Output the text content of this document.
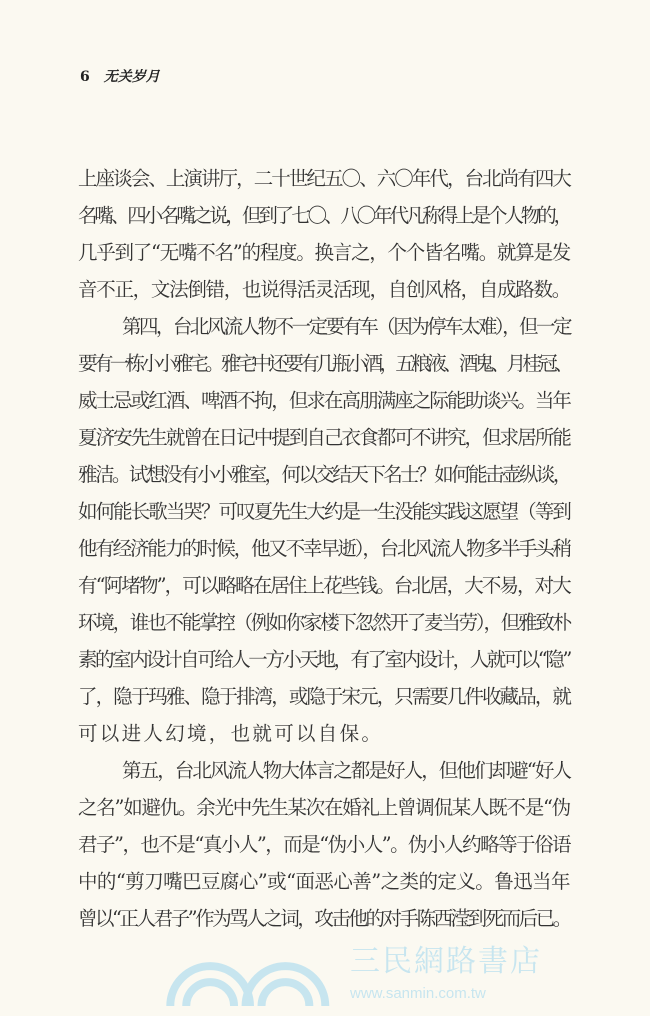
6 无关岁月
上座谈会、上演讲厅，二十世纪五〇、六〇年代，台北尚有四大
名嘴、四小名嘴之说，但到了七〇、八〇年代凡称得上是个人物的，
几乎到了“无嘴不名”的程度。换言之，个个皆名嘴。就算是发
音不正，文法倒错，也说得活灵活现，自创风格，自成路数。
第四，台北风流人物不一定要有车（因为停车太难），但一定
要有一栋小小雅宅。雅宅中还要有几瓶小酒，五粮液、酒鬼、月桂冠、
威士忌或红酒、啤酒不拘，但求在高朋满座之际能助谈兴。当年
夏济安先生就曾在日记中提到自己衣食都可不讲究，但求居所能
雅洁。试想没有小小雅室，何以交结天下名士？如何能击壶纵谈，
如何能长歌当哭？可叹夏先生大约是一生没能实践这愿望（等到
他有经济能力的时候，他又不幸早逝），台北风流人物多半手头稍
有“阿堵物”，可以略略在居住上花些钱。台北居，大不易，对大
环境，谁也不能掌控（例如你家楼下忽然开了麦当劳），但雅致朴
素的室内设计自可给人一方小天地，有了室内设计，人就可以“隐”
了，隐于玛雅、隐于排湾，或隐于宋元，只需要几件收藏品，就
可以进人幻境，也就可以自保。
第五，台北风流人物大体言之都是好人，但他们却避“好人
之名”如避仇。余光中先生某次在婚礼上曾调侃某人既不是“伪
君子”，也不是“真小人”，而是“伪小人”。伪小人约略等于俗语
中的“剪刀嘴巴豆腐心”或“面恶心善”之类的定义。鲁迅当年
曾以“正人君子”作为骂人之词，攻击他的对手陈西滢到死而后已。
三民網路書店
www.sanmin.com.tw
